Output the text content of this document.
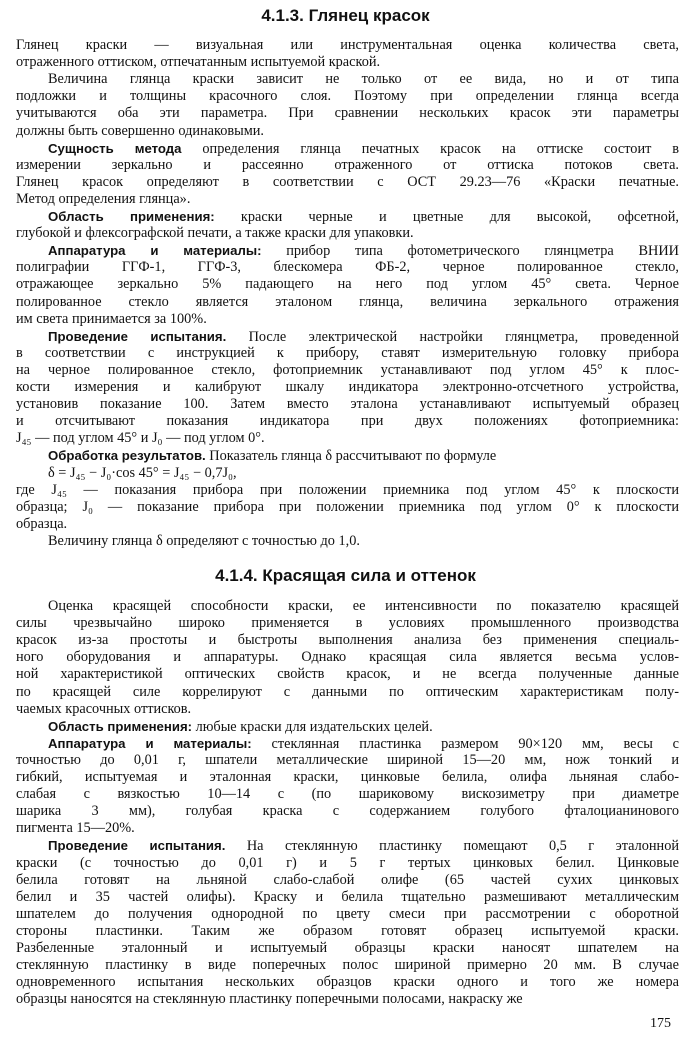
4.1.3. Глянец красок
Глянец краски — визуальная или инструментальная оценка количества света,
отраженного оттиском, отпечатанным испытуемой краской.
Величина глянца краски зависит не только от ее вида, но и от типа
подложки и толщины красочного слоя. Поэтому при определении глянца всегда
учитываются оба эти параметра. При сравнении нескольких красок эти параметры
должны быть совершенно одинаковыми.
Сущность метода определения глянца печатных красок на оттиске состоит в
измерении зеркально и рассеянно отраженного от оттиска потоков света.
Глянец красок определяют в соответствии с ОСТ 29.23—76 «Краски печатные.
Метод определения глянца».
Область применения: краски черные и цветные для высокой, офсетной,
глубокой и флексографской печати, а также краски для упаковки.
Аппаратура и материалы: прибор типа фотометрического глянцметра ВНИИ
полиграфии ГГФ-1, ГГФ-3, блескомера ФБ-2, черное полированное стекло,
отражающее зеркально 5% падающего на него под углом 45° света. Черное
полированное стекло является эталоном глянца, величина зеркального отражения
им света принимается за 100%.
Проведение испытания. После электрической настройки глянцметра, проведенной
в соответствии с инструкцией к прибору, ставят измерительную головку прибора
на черное полированное стекло, фотоприемник устанавливают под углом 45° к плос-
кости измерения и калибруют шкалу индикатора электронно-отсчетного устройства,
установив показание 100. Затем вместо эталона устанавливают испытуемый образец
и отсчитывают показания индикатора при двух положениях фотоприемника:
J₄₅ — под углом 45° и J₀ — под углом 0°.
Обработка результатов. Показатель глянца δ рассчитывают по формуле
δ = J₄₅ − J₀·cos 45° = J₄₅ − 0,7J₀,
где J₄₅ — показания прибора при положении приемника под углом 45° к плоскости
образца; J₀ — показание прибора при положении приемника под углом 0° к плоскости
образца.
Величину глянца δ определяют с точностью до 1,0.
4.1.4. Красящая сила и оттенок
Оценка красящей способности краски, ее интенсивности по показателю красящей
силы чрезвычайно широко применяется в условиях промышленного производства
красок из-за простоты и быстроты выполнения анализа без применения специаль-
ного оборудования и аппаратуры. Однако красящая сила является весьма услов-
ной характеристикой оптических свойств красок, и не всегда полученные данные
по красящей силе коррелируют с данными по оптическим характеристикам полу-
чаемых красочных оттисков.
Область применения: любые краски для издательских целей.
Аппаратура и материалы: стеклянная пластинка размером 90×120 мм, весы с
точностью до 0,01 г, шпатели металлические шириной 15—20 мм, нож тонкий и
гибкий, испытуемая и эталонная краски, цинковые белила, олифа льняная слабо-
слабая с вязкостью 10—14 с (по шариковому вискозиметру при диаметре
шарика 3 мм), голубая краска с содержанием голубого фталоцианинового
пигмента 15—20%.
Проведение испытания. На стеклянную пластинку помещают 0,5 г эталонной
краски (с точностью до 0,01 г) и 5 г тертых цинковых белил. Цинковые
белила готовят на льняной слабо-слабой олифе (65 частей сухих цинковых
белил и 35 частей олифы). Краску и белила тщательно размешивают металлическим
шпателем до получения однородной по цвету смеси при рассмотрении с оборотной
стороны пластинки. Таким же образом готовят образец испытуемой краски.
Разбеленные эталонный и испытуемый образцы краски наносят шпателем на
стеклянную пластинку в виде поперечных полос шириной примерно 20 мм. В случае
одновременного испытания нескольких образцов краски одного и того же номера
образцы наносятся на стеклянную пластинку поперечными полосами, накраску же
175
